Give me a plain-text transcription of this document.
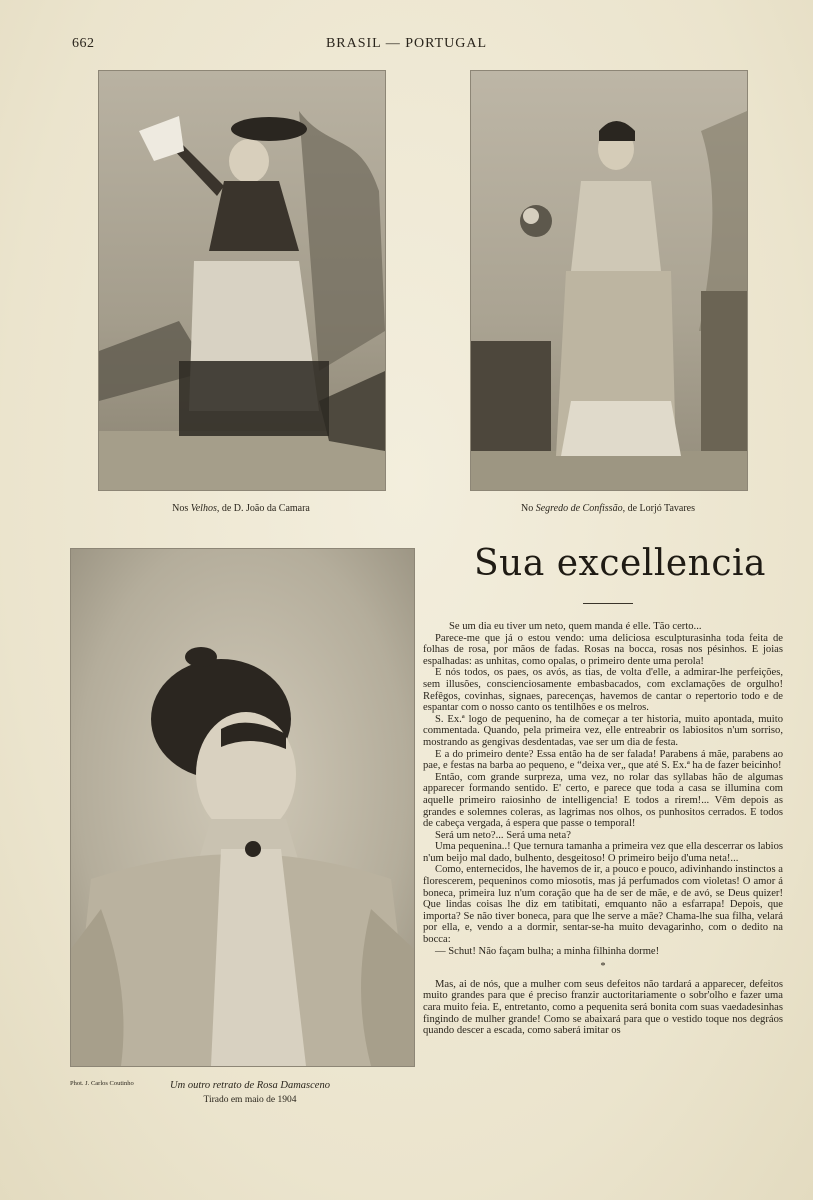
662	BRASIL — PORTUGAL
Nos Velhos, de D. João da Camara	No Segredo de Confissão, de Lorjó Tavares
Phot. J. Carlos Coutinho	Um outro retrato de Rosa Damasceno
Tirado em maio de 1904
Sua excellencia

Se um dia eu tiver um neto, quem manda é elle. Tão certo...

Parece-me que já o estou vendo: uma deliciosa esculpturasinha toda feita de folhas de rosa, por mãos de fadas. Rosas na bocca, rosas nos pésinhos. E joias espalhadas: as unhitas, como opalas, o primeiro dente uma perola!

E nós todos, os paes, os avós, as tias, de volta d'elle, a admirar-lhe perfeições, sem illusões, conscienciosamente embasbacados, com exclamações de orgulho! Refêgos, covinhas, signaes, parecenças, havemos de cantar o repertorio todo e de espantar com o nosso canto os tentilhões e os melros.

S. Ex.ª logo de pequenino, ha de começar a ter historia, muito apontada, muito commentada. Quando, pela primeira vez, elle entreabrir os labiositos n'um sorriso, mostrando as gengivas desdentadas, vae ser um dia de festa.

E a do primeiro dente? Essa então ha de ser falada! Parabens á mãe, parabens ao pae, e festas na barba ao pequeno, e “deixa ver„ que até S. Ex.ª ha de fazer beicinho!

Então, com grande surpreza, uma vez, no rolar das syllabas hão de algumas apparecer formando sentido. E' certo, e parece que toda a casa se illumina com aquelle primeiro raiosinho de intelligencia! E todos a rirem!... Vêm depois as grandes e solemnes coleras, as lagrimas nos olhos, os punhositos cerrados. E todos de cabeça vergada, á espera que passe o temporal!

Será um neto?... Será uma neta?

Uma pequenina..! Que ternura tamanha a primeira vez que ella descerrar os labios n'um beijo mal dado, bulhento, desgeitoso! O primeiro beijo d'uma neta!...

Como, enternecidos, lhe havemos de ir, a pouco e pouco, adivinhando instinctos a florescerem, pequeninos como miosotis, mas já perfumados com violetas! O amor á boneca, primeira luz n'um coração que ha de ser de mãe, e de avó, se Deus quizer! Que lindas coisas lhe diz em tatibitati, emquanto não a esfarrapa! Depois, que importa? Se não tiver boneca, para que lhe serve a mãe? Chama-lhe sua filha, velará por ella, e, vendo a a dormir, sentar-se-ha muito devagarinho, com o dedito na bocca:

— Schut! Não façam bulha; a minha filhinha dorme!

*

Mas, ai de nós, que a mulher com seus defeitos não tardará a apparecer, defeitos muito grandes para que é preciso franzir auctoritariamente o sobr'olho e fazer uma cara muito feia. E, entretanto, como a pequenita será bonita com suas vaedadesinhas fingindo de mulher grande! Como se abaixará para que o vestido toque nos degráos quando descer a escada, como saberá imitar os
